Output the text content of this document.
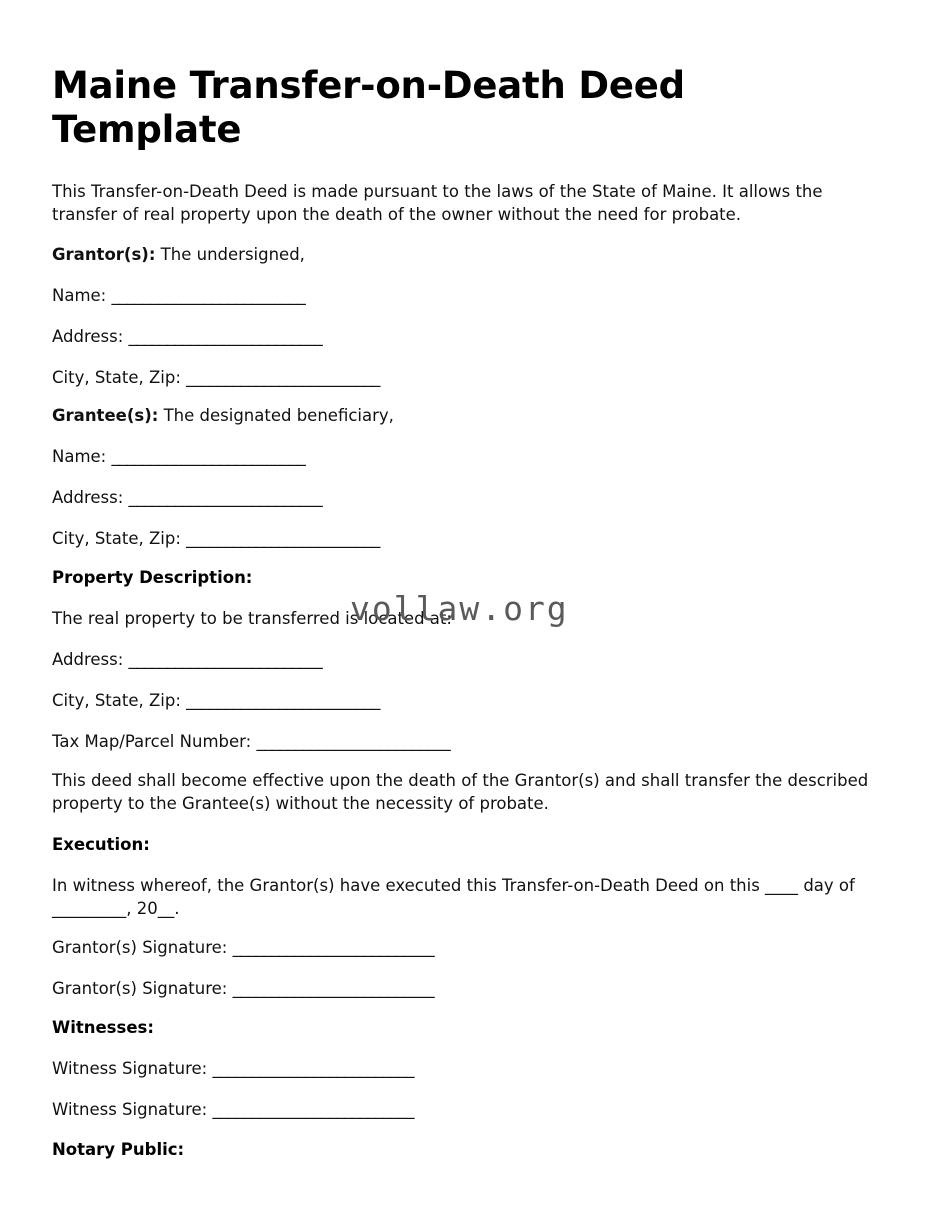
Maine Transfer-on-Death Deed Template

This Transfer-on-Death Deed is made pursuant to the laws of the State of Maine. It allows the transfer of real property upon the death of the owner without the need for probate.

Grantor(s): The undersigned,

Name: _________________________

Address: _________________________

City, State, Zip: _________________________

Grantee(s): The designated beneficiary,

Name: _________________________

Address: _________________________

City, State, Zip: _________________________

Property Description:

The real property to be transferred is located at:

Address: _________________________

City, State, Zip: _________________________

Tax Map/Parcel Number: _________________________

This deed shall become effective upon the death of the Grantor(s) and shall transfer the described property to the Grantee(s) without the necessity of probate.

Execution:

In witness whereof, the Grantor(s) have executed this Transfer-on-Death Deed on this ____ day of _________, 20__.

Grantor(s) Signature: __________________________

Grantor(s) Signature: __________________________

Witnesses:

Witness Signature: __________________________

Witness Signature: __________________________

Notary Public:

vollaw.org
